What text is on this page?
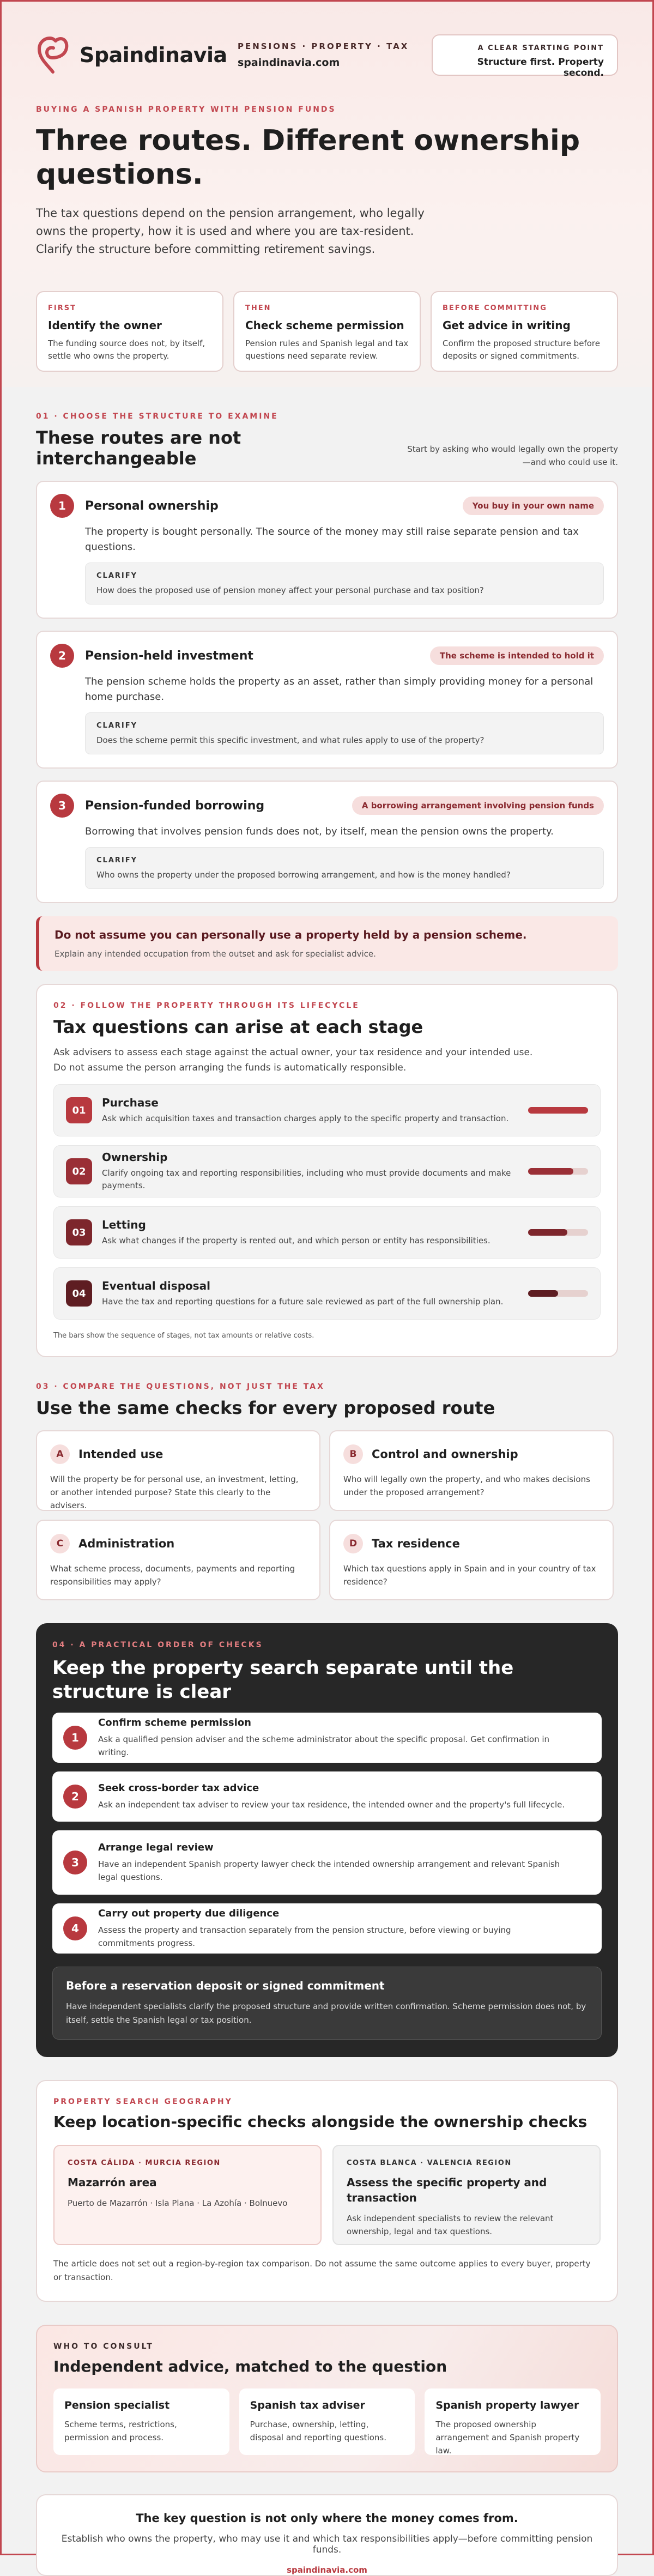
Spaindinavia PENSIONS · PROPERTY · TAX
spaindinavia.com
A CLEAR STARTING POINT
Structure first. Property second.
BUYING A SPANISH PROPERTY WITH PENSION FUNDS
Three routes. Different ownership questions.

The tax questions depend on the pension arrangement, who legally owns the property, how it is used and where you are tax-resident. Clarify the structure before committing retirement savings.

FIRST
Identify the owner
The funding source does not, by itself, settle who owns the property.
THEN
Check scheme permission
Pension rules and Spanish legal and tax questions need separate review.
BEFORE COMMITTING
Get advice in writing
Confirm the proposed structure before deposits or signed commitments.
01 · CHOOSE THE STRUCTURE TO EXAMINE
These routes are not interchangeable	Start by asking who would legally own the property—and who could use it.
1	Personal ownership	You buy in your own name
The property is bought personally. The source of the money may still raise separate pension and tax questions.
CLARIFY
How does the proposed use of pension money affect your personal purchase and tax position?
2	Pension-held investment	The scheme is intended to hold it
The pension scheme holds the property as an asset, rather than simply providing money for a personal home purchase.
CLARIFY
Does the scheme permit this specific investment, and what rules apply to use of the property?
3	Pension-funded borrowing	A borrowing arrangement involving pension funds
Borrowing that involves pension funds does not, by itself, mean the pension owns the property.
CLARIFY
Who owns the property under the proposed borrowing arrangement, and how is the money handled?
Do not assume you can personally use a property held by a pension scheme.
Explain any intended occupation from the outset and ask for specialist advice.
02 · FOLLOW THE PROPERTY THROUGH ITS LIFECYCLE
Tax questions can arise at each stage

Ask advisers to assess each stage against the actual owner, your tax residence and your intended use. Do not assume the person arranging the funds is automatically responsible.

01
Purchase
Ask which acquisition taxes and transaction charges apply to the specific property and transaction.
02
Ownership
Clarify ongoing tax and reporting responsibilities, including who must provide documents and make payments.
03
Letting
Ask what changes if the property is rented out, and which person or entity has responsibilities.
04
Eventual disposal
Have the tax and reporting questions for a future sale reviewed as part of the full ownership plan.
The bars show the sequence of stages, not tax amounts or relative costs.
03 · COMPARE THE QUESTIONS, NOT JUST THE TAX
Use the same checks for every proposed route
A	Intended use
Will the property be for personal use, an investment, letting, or another intended purpose? State this clearly to the advisers.
B	Control and ownership
Who will legally own the property, and who makes decisions under the proposed arrangement?
C	Administration
What scheme process, documents, payments and reporting responsibilities may apply?
D	Tax residence
Which tax questions apply in Spain and in your country of tax residence?
04 · A PRACTICAL ORDER OF CHECKS
Keep the property search separate until the structure is clear
1
Confirm scheme permission
Ask a qualified pension adviser and the scheme administrator about the specific proposal. Get confirmation in writing.
2
Seek cross-border tax advice
Ask an independent tax adviser to review your tax residence, the intended owner and the property's full lifecycle.
3
Arrange legal review
Have an independent Spanish property lawyer check the intended ownership arrangement and relevant Spanish legal questions.
4
Carry out property due diligence
Assess the property and transaction separately from the pension structure, before viewing or buying commitments progress.
Before a reservation deposit or signed commitment
Have independent specialists clarify the proposed structure and provide written confirmation. Scheme permission does not, by itself, settle the Spanish legal or tax position.
PROPERTY SEARCH GEOGRAPHY
Keep location-specific checks alongside the ownership checks
COSTA CÁLIDA · MURCIA REGION
Mazarrón area
Puerto de Mazarrón · Isla Plana · La Azohía · Bolnuevo
COSTA BLANCA · VALENCIA REGION
Assess the specific property and transaction
Ask independent specialists to review the relevant ownership, legal and tax questions.
The article does not set out a region-by-region tax comparison. Do not assume the same outcome applies to every buyer, property or transaction.
WHO TO CONSULT
Independent advice, matched to the question
Pension specialist
Scheme terms, restrictions, permission and process.
Spanish tax adviser
Purchase, ownership, letting, disposal and reporting questions.
Spanish property lawyer
The proposed ownership arrangement and Spanish property law.
The key question is not only where the money comes from.
Establish who owns the property, who may use it and which tax responsibilities apply—before committing pension funds.
spaindinavia.com
